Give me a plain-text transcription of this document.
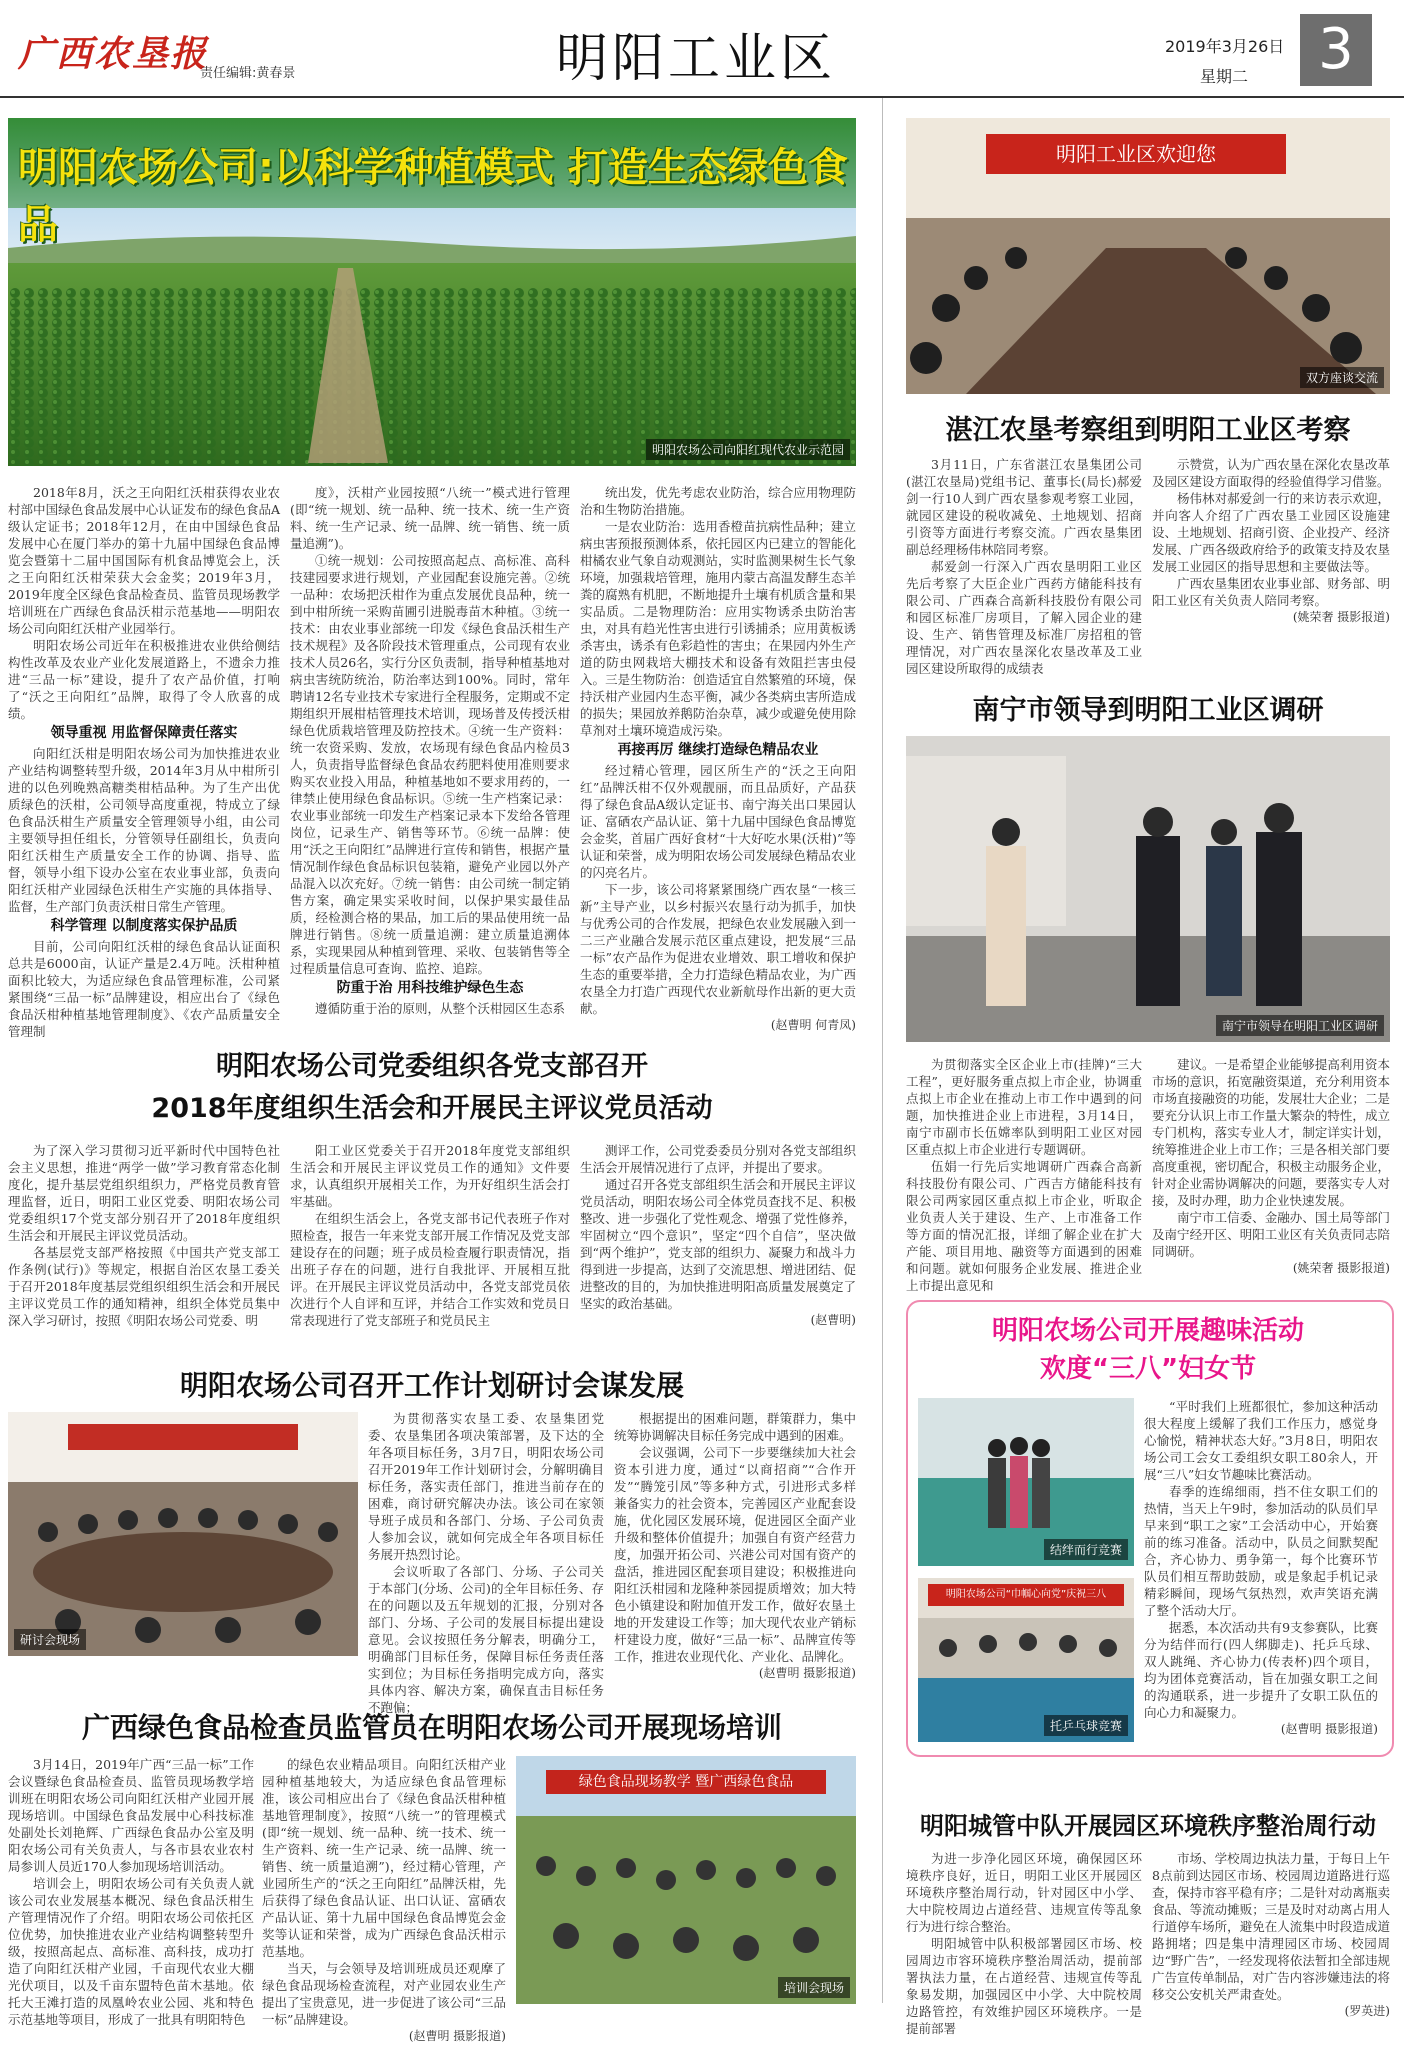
广西农垦报
责任编辑:黄春景	明阳工业区	2019年3月26日
星期二	3
明阳农场公司:以科学种植模式 打造生态绿色食品
明阳农场公司向阳红现代农业示范园

2018年8月，沃之王向阳红沃柑获得农业农村部中国绿色食品发展中心认证发布的绿色食品A级认定证书；2018年12月，在由中国绿色食品发展中心在厦门举办的第十九届中国绿色食品博览会暨第十二届中国国际有机食品博览会上，沃之王向阳红沃柑荣获大会金奖；2019年3月，2019年度全区绿色食品检查员、监管员现场教学培训班在广西绿色食品沃柑示范基地——明阳农场公司向阳红沃柑产业园举行。

明阳农场公司近年在积极推进农业供给侧结构性改革及农业产业化发展道路上，不遗余力推进“三品一标”建设，提升了农产品价值，打响了“沃之王向阳红”品牌，取得了令人欣喜的成绩。

领导重视 用监督保障责任落实

向阳红沃柑是明阳农场公司为加快推进农业产业结构调整转型升级，2014年3月从中柑所引进的以色列晚熟高糖类柑桔品种。为了生产出优质绿色的沃柑，公司领导高度重视，特成立了绿色食品沃柑生产质量安全管理领导小组，由公司主要领导担任组长，分管领导任副组长，负责向阳红沃柑生产质量安全工作的协调、指导、监督，领导小组下设办公室在农业事业部，负责向阳红沃柑产业园绿色沃柑生产实施的具体指导、监督，生产部门负责沃柑日常生产管理。

科学管理 以制度落实保护品质

目前，公司向阳红沃柑的绿色食品认证面积总共是6000亩，认证产量是2.4万吨。沃柑种植面积比较大，为适应绿色食品管理标准，公司紧紧围绕“三品一标”品牌建设，相应出台了《绿色食品沃柑种植基地管理制度》、《农产品质量安全管理制

度》，沃柑产业园按照“八统一”模式进行管理(即“统一规划、统一品种、统一技术、统一生产资料、统一生产记录、统一品牌、统一销售、统一质量追溯”)。

①统一规划：公司按照高起点、高标准、高科技建园要求进行规划，产业园配套设施完善。②统一品种：农场把沃柑作为重点发展优良品种，统一到中柑所统一采购苗圃引进脱毒苗木种植。③统一技术：由农业事业部统一印发《绿色食品沃柑生产技术规程》及各阶段技术管理重点，公司现有农业技术人员26名，实行分区负责制，指导种植基地对病虫害统防统治，防治率达到100%。同时，常年聘请12名专业技术专家进行全程服务，定期或不定期组织开展柑桔管理技术培训，现场普及传授沃柑绿色优质栽培管理及防控技术。④统一生产资料：统一农资采购、发放，农场现有绿色食品内检员3人，负责指导监督绿色食品农药肥料使用准则要求购买农业投入用品，种植基地如不要求用药的，一律禁止使用绿色食品标识。⑤统一生产档案记录：农业事业部统一印发生产档案记录本下发给各管理岗位，记录生产、销售等环节。⑥统一品牌：使用“沃之王向阳红”品牌进行宣传和销售，根据产量情况制作绿色食品标识包装箱，避免产业园以外产品混入以次充好。⑦统一销售：由公司统一制定销售方案，确定果实采收时间，以保护果实最佳品质，经检测合格的果品，加工后的果品使用统一品牌进行销售。⑧统一质量追溯：建立质量追溯体系，实现果园从种植到管理、采收、包装销售等全过程质量信息可查询、监控、追踪。

防重于治 用科技维护绿色生态

遵循防重于治的原则，从整个沃柑园区生态系

统出发，优先考虑农业防治，综合应用物理防治和生物防治措施。

一是农业防治：选用香橙苗抗病性品种；建立病虫害预报预测体系，依托园区内已建立的智能化柑橘农业气象自动观测站，实时监测果树生长气象环境，加强栽培管理，施用内蒙古高温发酵生态羊粪的腐熟有机肥，不断地提升土壤有机质含量和果实品质。二是物理防治：应用实物诱杀虫防治害虫，对具有趋光性害虫进行引诱捕杀；应用黄板诱杀害虫，诱杀有色彩趋性的害虫；在果园内外生产道的防虫网栽培大棚技术和设备有效阻拦害虫侵入。三是生物防治：创造适宜自然繁殖的环境，保持沃柑产业园内生态平衡，减少各类病虫害所造成的损失；果园放养鹅防治杂草，减少或避免使用除草剂对土壤环境造成污染。

再接再厉 继续打造绿色精品农业

经过精心管理，园区所生产的“沃之王向阳红”品牌沃柑不仅外观靓丽，而且品质好，产品获得了绿色食品A级认定证书、南宁海关出口果园认证、富硒农产品认证、第十九届中国绿色食品博览会金奖，首届广西好食材“十大好吃水果(沃柑)”等认证和荣誉，成为明阳农场公司发展绿色精品农业的闪亮名片。

下一步，该公司将紧紧围绕广西农垦“一核三新”主导产业，以乡村振兴农垦行动为抓手，加快与优秀公司的合作发展，把绿色农业发展融入到一二三产业融合发展示范区重点建设，把发展“三品一标”农产品作为促进农业增效、职工增收和保护生态的重要举措，全力打造绿色精品农业，为广西农垦全力打造广西现代农业新航母作出新的更大贡献。

(赵曹明 何青凤)
明阳农场公司党委组织各党支部召开
2018年度组织生活会和开展民主评议党员活动

为了深入学习贯彻习近平新时代中国特色社会主义思想，推进“两学一做”学习教育常态化制度化，提升基层党组织组织力，严格党员教育管理监督，近日，明阳工业区党委、明阳农场公司党委组织17个党支部分别召开了2018年度组织生活会和开展民主评议党员活动。

各基层党支部严格按照《中国共产党支部工作条例(试行)》等规定，根据自治区农垦工委关于召开2018年度基层党组织组织生活会和开展民主评议党员工作的通知精神，组织全体党员集中深入学习研讨，按照《明阳农场公司党委、明

阳工业区党委关于召开2018年度党支部组织生活会和开展民主评议党员工作的通知》文件要求，认真组织开展相关工作，为开好组织生活会打牢基础。

在组织生活会上，各党支部书记代表班子作对照检查，报告一年来党支部开展工作情况及党支部建设存在的问题；班子成员检查履行职责情况，指出班子存在的问题，进行自我批评、开展相互批评。在开展民主评议党员活动中，各党支部党员依次进行个人自评和互评，并结合工作实效和党员日常表现进行了党支部班子和党员民主

测评工作，公司党委委员分别对各党支部组织生活会开展情况进行了点评，并提出了要求。

通过召开各党支部组织生活会和开展民主评议党员活动，明阳农场公司全体党员查找不足、积极整改、进一步强化了党性观念、增强了党性修养，牢固树立“四个意识”，坚定“四个自信”，坚决做到“两个维护”，党支部的组织力、凝聚力和战斗力得到进一步提高，达到了交流思想、增进团结、促进整改的目的，为加快推进明阳高质量发展奠定了坚实的政治基础。

(赵曹明)
明阳农场公司召开工作计划研讨会谋发展
研讨会现场

为贯彻落实农垦工委、农垦集团党委、农垦集团各项决策部署，及下达的全年各项目标任务，3月7日，明阳农场公司召开2019年工作计划研讨会，分解明确目标任务，落实责任部门，推进当前存在的困难，商讨研究解决办法。该公司在家领导班子成员和各部门、分场、子公司负责人参加会议，就如何完成全年各项目标任务展开热烈讨论。

会议听取了各部门、分场、子公司关于本部门(分场、公司)的全年目标任务、存在的问题以及五年规划的汇报，分别对各部门、分场、子公司的发展目标提出建设意见。会议按照任务分解表，明确分工，明确部门目标任务，保障目标任务责任落实到位；为目标任务指明完成方向，落实具体内容、解决方案，确保直击目标任务不跑偏；

根据提出的困难问题，群策群力，集中统筹协调解决目标任务完成中遇到的困难。

会议强调，公司下一步要继续加大社会资本引进力度，通过“以商招商”“合作开发”“腾笼引凤”等多种方式，引进形式多样兼备实力的社会资本，完善园区产业配套设施，优化园区发展环境，促进园区全面产业升级和整体价值提升；加强自有资产经营力度，加强开拓公司、兴港公司对国有资产的盘活，推进园区配套项目建设；积极推进向阳红沃柑园和龙隆种茶园提质增效；加大特色小镇建设和附加值开发工作，做好农垦土地的开发建设工作等；加大现代农业产销标杆建设力度，做好“三品一标”、品牌宣传等工作，推进农业现代化、产业化、品牌化。

(赵曹明 摄影报道)
广西绿色食品检查员监管员在明阳农场公司开展现场培训

3月14日，2019年广西“三品一标”工作会议暨绿色食品检查员、监管员现场教学培训班在明阳农场公司向阳红沃柑产业园开展现场培训。中国绿色食品发展中心科技标准处副处长刘艳辉、广西绿色食品办公室及明阳农场公司有关负责人，与各市县农业农村局参训人员近170人参加现场培训活动。

培训会上，明阳农场公司有关负责人就该公司农业发展基本概况、绿色食品沃柑生产管理情况作了介绍。明阳农场公司依托区位优势，加快推进农业产业结构调整转型升级，按照高起点、高标准、高科技，成功打造了向阳红沃柑产业园，千亩现代农业大棚光伏项目，以及千亩东盟特色苗木基地。依托大王滩打造的凤凰岭农业公园、兆和特色示范基地等项目，形成了一批具有明阳特色

的绿色农业精品项目。向阳红沃柑产业园种植基地较大，为适应绿色食品管理标准，该公司相应出台了《绿色食品沃柑种植基地管理制度》，按照“八统一”的管理模式(即“统一规划、统一品种、统一技术、统一生产资料、统一生产记录、统一品牌、统一销售、统一质量追溯”)，经过精心管理，产业园所生产的“沃之王向阳红”品牌沃柑，先后获得了绿色食品认证、出口认证、富硒农产品认证、第十九届中国绿色食品博览会金奖等认证和荣誉，成为广西绿色食品沃柑示范基地。

当天，与会领导及培训班成员还观摩了绿色食品现场检查流程，对产业园农业生产提出了宝贵意见，进一步促进了该公司“三品一标”品牌建设。

(赵曹明 摄影报道)
绿色食品现场教学 暨广西绿色食品
培训会现场
明阳工业区欢迎您
双方座谈交流
湛江农垦考察组到明阳工业区考察

3月11日，广东省湛江农垦集团公司(湛江农垦局)党组书记、董事长(局长)郝爱剑一行10人到广西农垦参观考察工业园，就园区建设的税收减免、土地规划、招商引资等方面进行考察交流。广西农垦集团副总经理杨伟林陪同考察。

郝爱剑一行深入广西农垦明阳工业区先后考察了大臣企业广西药方储能科技有限公司、广西森合高新科技股份有限公司和园区标准厂房项目，了解入园企业的建设、生产、销售管理及标准厂房招租的管理情况，对广西农垦深化农垦改革及工业园区建设所取得的成绩表

示赞赏，认为广西农垦在深化农垦改革及园区建设方面取得的经验值得学习借鉴。

杨伟林对郝爱剑一行的来访表示欢迎，并向客人介绍了广西农垦工业园区设施建设、土地规划、招商引资、企业投产、经济发展、广西各级政府给予的政策支持及农垦发展工业园区的指导思想和主要做法等。

广西农垦集团农业事业部、财务部、明阳工业区有关负责人陪同考察。

(姚荣奢 摄影报道)
南宁市领导到明阳工业区调研
南宁市领导在明阳工业区调研

为贯彻落实全区企业上市(挂牌)“三大工程”，更好服务重点拟上市企业，协调重点拟上市企业在推动上市工作中遇到的问题，加快推进企业上市进程，3月14日，南宁市副市长伍嫦率队到明阳工业区对园区重点拟上市企业进行专题调研。

伍娟一行先后实地调研广西森合高新科技股份有限公司、广西吉方储能科技有限公司两家园区重点拟上市企业，听取企业负责人关于建设、生产、上市准备工作等方面的情况汇报，详细了解企业在扩大产能、项目用地、融资等方面遇到的困难和问题。就如何服务企业发展、推进企业上市提出意见和

建议。一是希望企业能够提高利用资本市场的意识，拓宽融资渠道，充分利用资本市场直接融资的功能，发展壮大企业；二是要充分认识上市工作量大繁杂的特性，成立专门机构，落实专业人才，制定详实计划，统筹推进企业上市工作；三是各相关部门要高度重视，密切配合，积极主动服务企业，针对企业需协调解决的问题，要落实专人对接，及时办理，助力企业快速发展。

南宁市工信委、金融办、国土局等部门及南宁经开区、明阳工业区有关负责同志陪同调研。

(姚荣奢 摄影报道)
明阳农场公司开展趣味活动
欢度“三八”妇女节
结绊而行竞赛
明阳农场公司“巾帼心向党”庆祝三八
托乒乓球竞赛

“平时我们上班都很忙，参加这种活动很大程度上缓解了我们工作压力，感觉身心愉悦，精神状态大好。”3月8日，明阳农场公司工会女工委组织女职工80余人，开展“三八”妇女节趣味比赛活动。

春季的连绵细雨，挡不住女职工们的热情，当天上午9时，参加活动的队员们早早来到“职工之家”工会活动中心，开始赛前的练习准备。活动中，队员之间默契配合，齐心协力、勇争第一，每个比赛环节队员们相互帮助鼓励，或是象起手机记录精彩瞬间，现场气氛热烈，欢声笑语充满了整个活动大厅。

据悉，本次活动共有9支参赛队，比赛分为结伴而行(四人绑脚走)、托乒乓球、双人跳绳、齐心协力(传表杯)四个项目，均为团体竞赛活动，旨在加强女职工之间的沟通联系，进一步提升了女职工队伍的向心力和凝聚力。

(赵曹明 摄影报道)
明阳城管中队开展园区环境秩序整治周行动

为进一步净化园区环境，确保园区环境秩序良好，近日，明阳工业区开展园区环境秩序整治周行动，针对园区中小学、大中院校周边占道经营、违规宣传等乱象行为进行综合整治。

明阳城管中队积极部署园区市场、校园周边市容环境秩序整治周活动，提前部署执法力量，在占道经营、违规宣传等乱象易发期，加强园区中小学、大中院校周边路管控，有效维护园区环境秩序。一是提前部署

市场、学校周边执法力量，于每日上午8点前到达园区市场、校园周边道路进行巡查，保持市容平稳有序；二是针对动离瓶卖食品、等流动摊贩；三是及时对动离占用人行道停车场所，避免在人流集中时段造成道路拥堵；四是集中清理园区市场、校园周边“野广告”，一经发现将依法暂扣全部违规广告宣传单制品，对广告内容涉嫌违法的将移交公安机关严肃查处。

(罗英进)
